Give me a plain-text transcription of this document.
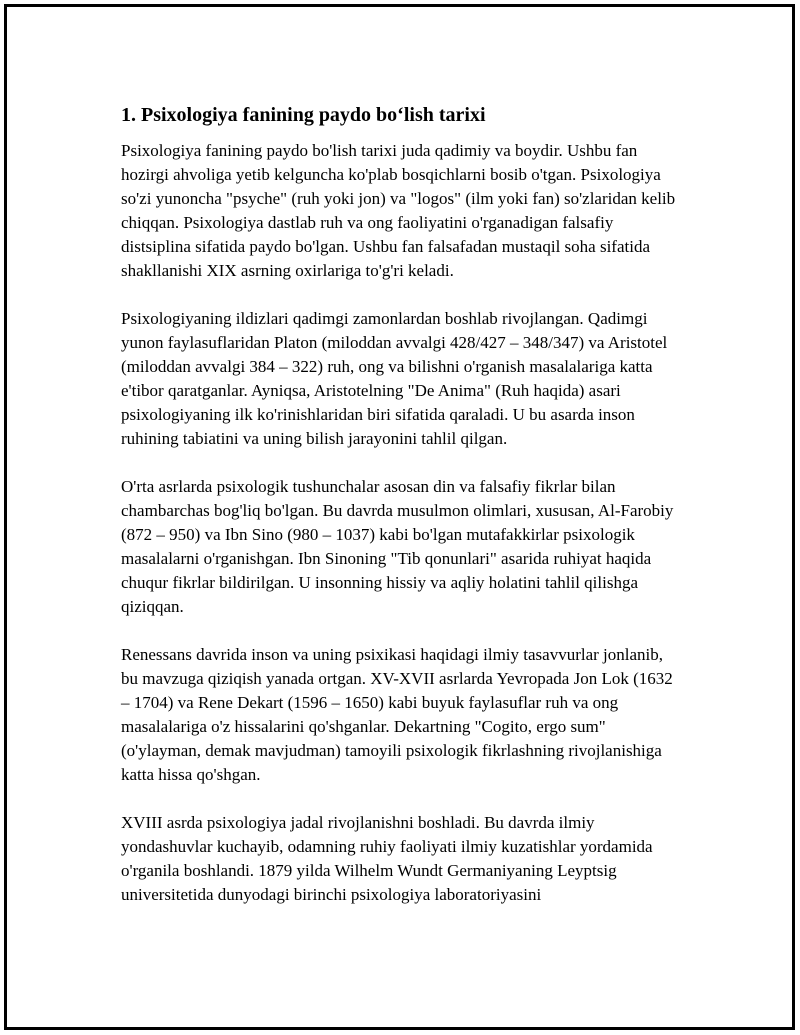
1. Psixologiya fanining paydo bo‘lish tarixi

Psixologiya fanining paydo bo'lish tarixi juda qadimiy va boydir. Ushbu fan hozirgi ahvoliga yetib kelguncha ko'plab bosqichlarni bosib o'tgan. Psixologiya so'zi yunoncha "psyche" (ruh yoki jon) va "logos" (ilm yoki fan) so'zlaridan kelib chiqqan. Psixologiya dastlab ruh va ong faoliyatini o'rganadigan falsafiy distsiplina sifatida paydo bo'lgan. Ushbu fan falsafadan mustaqil soha sifatida shakllanishi XIX asrning oxirlariga to'g'ri keladi.

Psixologiyaning ildizlari qadimgi zamonlardan boshlab rivojlangan. Qadimgi yunon faylasuflaridan Platon (miloddan avvalgi 428/427 – 348/347) va Aristotel (miloddan avvalgi 384 – 322) ruh, ong va bilishni o'rganish masalalariga katta e'tibor qaratganlar. Ayniqsa, Aristotelning "De Anima" (Ruh haqida) asari psixologiyaning ilk ko'rinishlaridan biri sifatida qaraladi. U bu asarda inson ruhining tabiatini va uning bilish jarayonini tahlil qilgan.

O'rta asrlarda psixologik tushunchalar asosan din va falsafiy fikrlar bilan chambarchas bog'liq bo'lgan. Bu davrda musulmon olimlari, xususan, Al-Farobiy (872 – 950) va Ibn Sino (980 – 1037) kabi bo'lgan mutafakkirlar psixologik masalalarni o'rganishgan. Ibn Sinoning "Tib qonunlari" asarida ruhiyat haqida chuqur fikrlar bildirilgan. U insonning hissiy va aqliy holatini tahlil qilishga qiziqqan.

Renessans davrida inson va uning psixikasi haqidagi ilmiy tasavvurlar jonlanib, bu mavzuga qiziqish yanada ortgan. XV-XVII asrlarda Yevropada Jon Lok (1632 – 1704) va Rene Dekart (1596 – 1650) kabi buyuk faylasuflar ruh va ong masalalariga o'z hissalarini qo'shganlar. Dekartning "Cogito, ergo sum" (o'ylayman, demak mavjudman) tamoyili psixologik fikrlashning rivojlanishiga katta hissa qo'shgan.

XVIII asrda psixologiya jadal rivojlanishni boshladi. Bu davrda ilmiy yondashuvlar kuchayib, odamning ruhiy faoliyati ilmiy kuzatishlar yordamida o'rganila boshlandi. 1879 yilda Wilhelm Wundt Germaniyaning Leyptsig universitetida dunyodagi birinchi psixologiya laboratoriyasini
